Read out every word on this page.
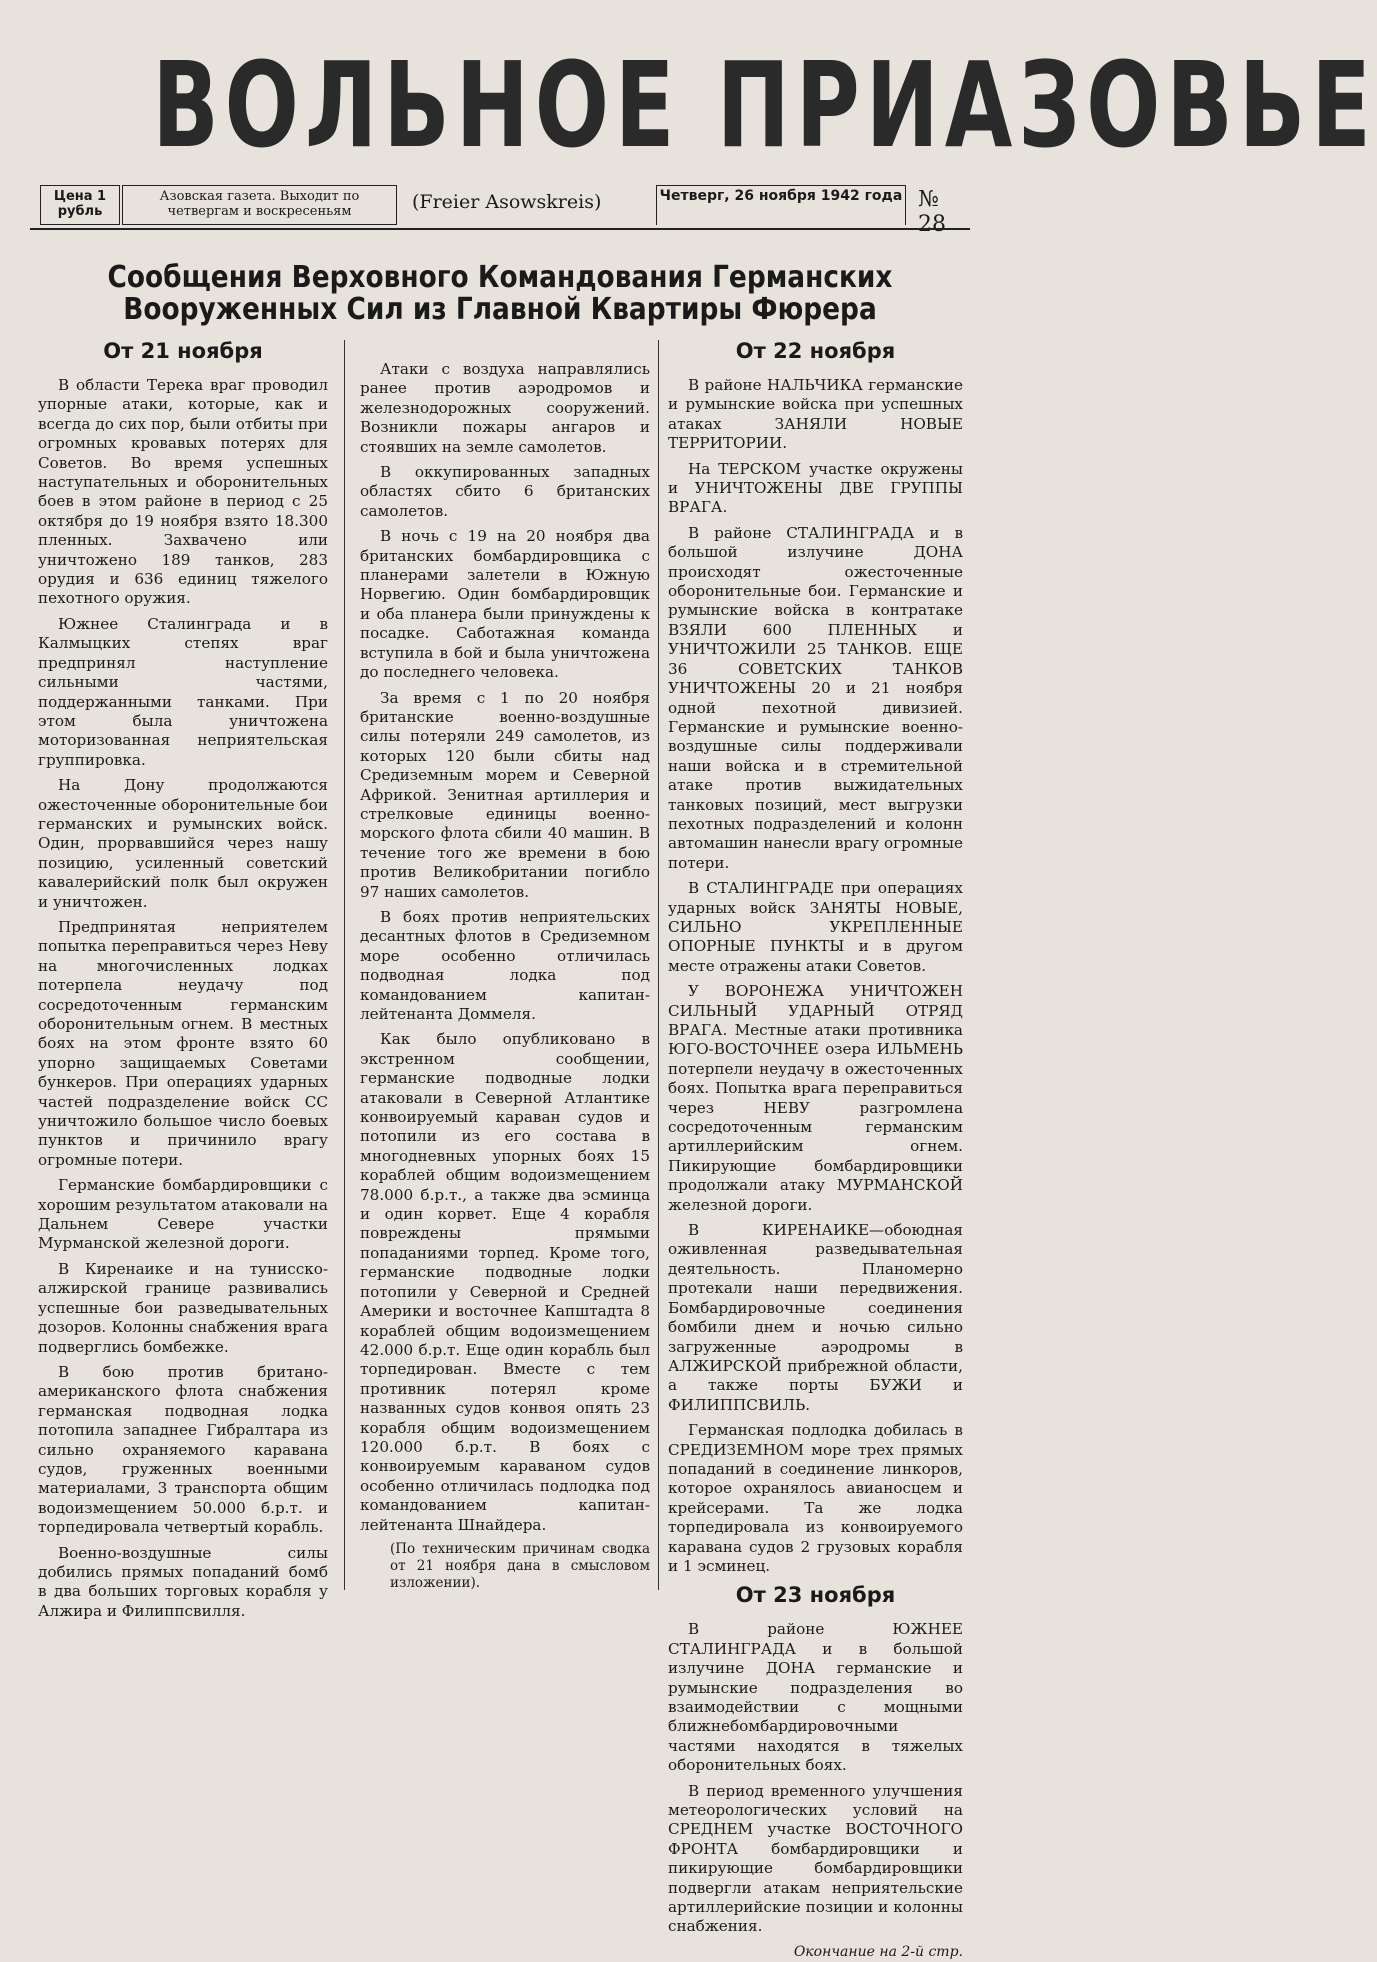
ВОЛЬНОЕ ПРИАЗОВЬЕ
Цена 1 рубль
Азовская газета. Выходит по четвергам и воскресеньям	(Freier Asowskreis)	Четверг, 26 ноября 1942 года № 28
Сообщения Верховного Командования Германских
Вооруженных Сил из Главной Квартиры Фюрера
От 21 ноября

В области Терека враг проводил упорные атаки, которые, как и всегда до сих пор, были отбиты при огромных кровавых потерях для Советов. Во время успешных наступательных и оборонительных боев в этом районе в период с 25 октября до 19 ноября взято 18.300 пленных. Захвачено или уничтожено 189 танков, 283 орудия и 636 единиц тяжелого пехотного оружия.

Южнее Сталинграда и в Калмыцких степях враг предпринял наступление сильными частями, поддержанными танками. При этом была уничтожена моторизованная неприятельская группировка.

На Дону продолжаются ожесточенные оборонительные бои германских и румынских войск. Один, прорвавшийся через нашу позицию, усиленный советский кавалерийский полк был окружен и уничтожен.

Предпринятая неприятелем попытка переправиться через Неву на многочисленных лодках потерпела неудачу под сосредоточенным германским оборонительным огнем. В местных боях на этом фронте взято 60 упорно защищаемых Советами бункеров. При операциях ударных частей подразделение войск СС уничтожило большое число боевых пунктов и причинило врагу огромные потери.

Германские бомбардировщики с хорошим результатом атаковали на Дальнем Севере участки Мурманской железной дороги.

В Киренаике и на тунисско-алжирской границе развивались успешные бои разведывательных дозоров. Колонны снабжения врага подверглись бомбежке.

В бою против британо-американского флота снабжения германская подводная лодка потопила западнее Гибралтара из сильно охраняемого каравана судов, груженных военными материалами, 3 транспорта общим водоизмещением 50.000 б.р.т. и торпедировала четвертый корабль.

Военно-воздушные силы добились прямых попаданий бомб в два больших торговых корабля у Алжира и Филиппсвилля.

Атаки с воздуха направлялись ранее против аэродромов и железнодорожных сооружений. Возникли пожары ангаров и стоявших на земле самолетов.

В оккупированных западных областях сбито 6 британских самолетов.

В ночь с 19 на 20 ноября два британских бомбардировщика с планерами залетели в Южную Норвегию. Один бомбардировщик и оба планера были принуждены к посадке. Саботажная команда вступила в бой и была уничтожена до последнего человека.

За время с 1 по 20 ноября британские военно-воздушные силы потеряли 249 самолетов, из которых 120 были сбиты над Средиземным морем и Северной Африкой. Зенитная артиллерия и стрелковые единицы военно-морского флота сбили 40 машин. В течение того же времени в бою против Великобритании погибло 97 наших самолетов.

В боях против неприятельских десантных флотов в Средиземном море особенно отличилась подводная лодка под командованием капитан-лейтенанта Доммеля.

Как было опубликовано в экстренном сообщении, германские подводные лодки атаковали в Северной Атлантике конвоируемый караван судов и потопили из его состава в многодневных упорных боях 15 кораблей общим водоизмещением 78.000 б.р.т., а также два эсминца и один корвет. Еще 4 корабля повреждены прямыми попаданиями торпед. Кроме того, германские подводные лодки потопили у Северной и Средней Америки и восточнее Капштадта 8 кораблей общим водоизмещением 42.000 б.р.т. Еще один корабль был торпедирован. Вместе с тем противник потерял кроме названных судов конвоя опять 23 корабля общим водоизмещением 120.000 б.р.т. В боях с конвоируемым караваном судов особенно отличилась подлодка под командованием капитан-лейтенанта Шнайдера.

(По техническим причинам сводка от 21 ноября дана в смысловом изложении).

От 22 ноября

В районе НАЛЬЧИКА германские и румынские войска при успешных атаках ЗАНЯЛИ НОВЫЕ ТЕРРИТОРИИ.

На ТЕРСКОМ участке окружены и УНИЧТОЖЕНЫ ДВЕ ГРУППЫ ВРАГА.

В районе СТАЛИНГРАДА и в большой излучине ДОНА происходят ожесточенные оборонительные бои. Германские и румынские войска в контратаке ВЗЯЛИ 600 ПЛЕННЫХ и УНИЧТОЖИЛИ 25 ТАНКОВ. ЕЩЕ 36 СОВЕТСКИХ ТАНКОВ УНИЧТОЖЕНЫ 20 и 21 ноября одной пехотной дивизией. Германские и румынские военно-воздушные силы поддерживали наши войска и в стремительной атаке против выжидательных танковых позиций, мест выгрузки пехотных подразделений и колонн автомашин нанесли врагу огромные потери.

В СТАЛИНГРАДЕ при операциях ударных войск ЗАНЯТЫ НОВЫЕ, СИЛЬНО УКРЕПЛЕННЫЕ ОПОРНЫЕ ПУНКТЫ и в другом месте отражены атаки Советов.

У ВОРОНЕЖА УНИЧТОЖЕН СИЛЬНЫЙ УДАРНЫЙ ОТРЯД ВРАГА. Местные атаки противника ЮГО-ВОСТОЧНЕЕ озера ИЛЬМЕНЬ потерпели неудачу в ожесточенных боях. Попытка врага переправиться через НЕВУ разгромлена сосредоточенным германским артиллерийским огнем. Пикирующие бомбардировщики продолжали атаку МУРМАНСКОЙ железной дороги.

В КИРЕНАИКЕ—обоюдная оживленная разведывательная деятельность. Планомерно протекали наши передвижения. Бомбардировочные соединения бомбили днем и ночью сильно загруженные аэродромы в АЛЖИРСКОЙ прибрежной области, а также порты БУЖИ и ФИЛИППСВИЛЬ.

Германская подлодка добилась в СРЕДИЗЕМНОМ море трех прямых попаданий в соединение линкоров, которое охранялось авианосцем и крейсерами. Та же лодка торпедировала из конвоируемого каравана судов 2 грузовых корабля и 1 эсминец.

От 23 ноября

В районе ЮЖНЕЕ СТАЛИНГРАДА и в большой излучине ДОНА германские и румынские подразделения во взаимодействии с мощными ближнебомбардировочными частями находятся в тяжелых оборонительных боях.

В период временного улучшения метеорологических условий на СРЕДНЕМ участке ВОСТОЧНОГО ФРОНТА бомбардировщики и пикирующие бомбардировщики подвергли атакам неприятельские артиллерийские позиции и колонны снабжения.

Окончание на 2-й стр.
